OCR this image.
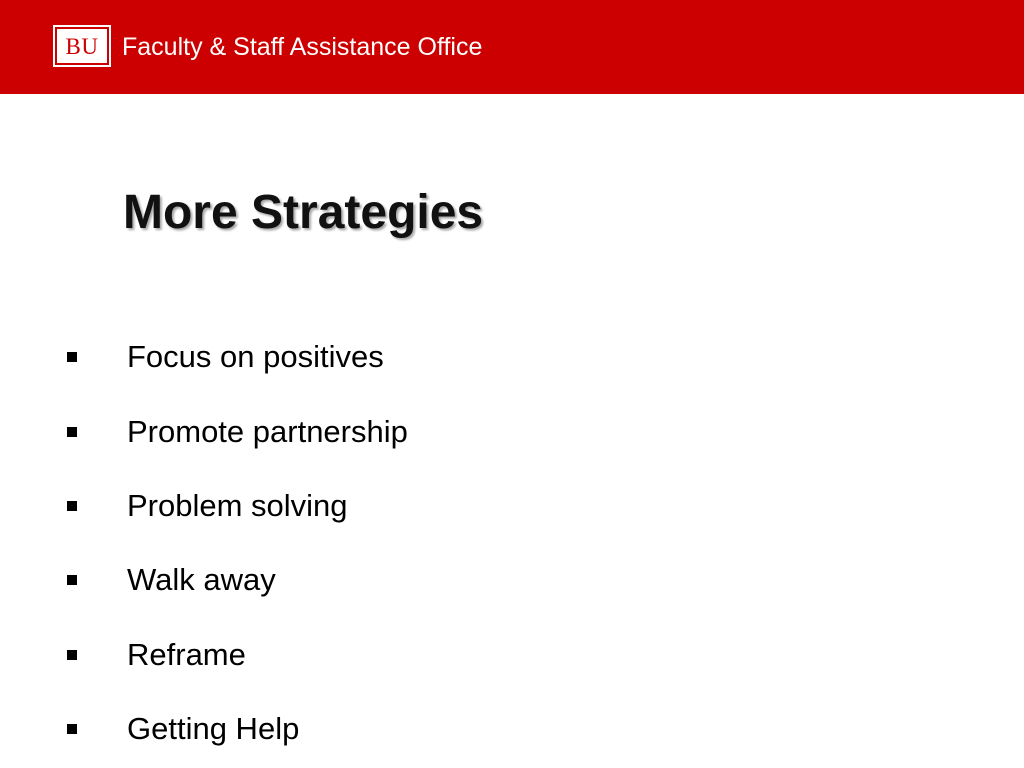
BU Faculty & Staff Assistance Office
More Strategies
Focus on positives
Promote partnership
Problem solving
Walk away
Reframe
Getting Help
